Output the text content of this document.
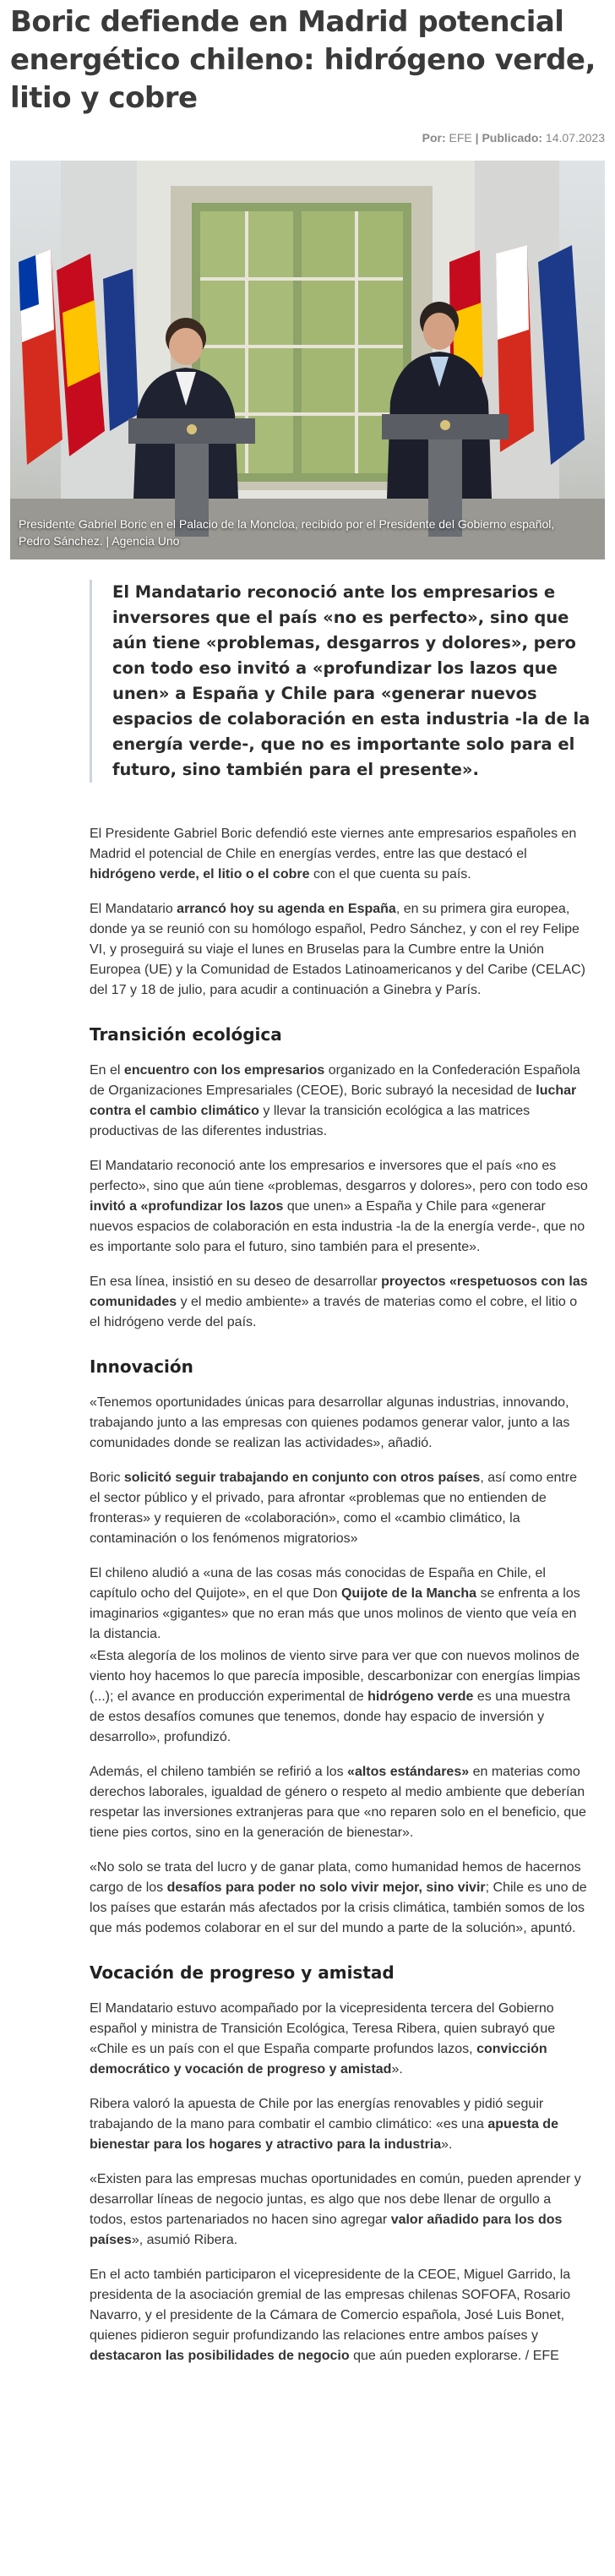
Boric defiende en Madrid potencial energético chileno: hidrógeno verde, litio y cobre
Por: EFE | Publicado: 14.07.2023
Presidente Gabriel Boric en el Palacio de la Moncloa, recibido por el Presidente del Gobierno español, Pedro Sánchez. | Agencia Uno
El Mandatario reconoció ante los empresarios e inversores que el país «no es perfecto», sino que aún tiene «problemas, desgarros y dolores», pero con todo eso invitó a «profundizar los lazos que unen» a España y Chile para «generar nuevos espacios de colaboración en esta industria -la de la energía verde-, que no es importante solo para el futuro, sino también para el presente».

El Presidente Gabriel Boric defendió este viernes ante empresarios españoles en Madrid el potencial de Chile en energías verdes, entre las que destacó el hidrógeno verde, el litio o el cobre con el que cuenta su país.

El Mandatario arrancó hoy su agenda en España, en su primera gira europea, donde ya se reunió con su homólogo español, Pedro Sánchez, y con el rey Felipe VI, y proseguirá su viaje el lunes en Bruselas para la Cumbre entre la Unión Europea (UE) y la Comunidad de Estados Latinoamericanos y del Caribe (CELAC) del 17 y 18 de julio, para acudir a continuación a Ginebra y París.

Transición ecológica

En el encuentro con los empresarios organizado en la Confederación Española de Organizaciones Empresariales (CEOE), Boric subrayó la necesidad de luchar contra el cambio climático y llevar la transición ecológica a las matrices productivas de las diferentes industrias.

El Mandatario reconoció ante los empresarios e inversores que el país «no es perfecto», sino que aún tiene «problemas, desgarros y dolores», pero con todo eso invitó a «profundizar los lazos que unen» a España y Chile para «generar nuevos espacios de colaboración en esta industria -la de la energía verde-, que no es importante solo para el futuro, sino también para el presente».

En esa línea, insistió en su deseo de desarrollar proyectos «respetuosos con las comunidades y el medio ambiente» a través de materias como el cobre, el litio o el hidrógeno verde del país.

Innovación

«Tenemos oportunidades únicas para desarrollar algunas industrias, innovando, trabajando junto a las empresas con quienes podamos generar valor, junto a las comunidades donde se realizan las actividades», añadió.

Boric solicitó seguir trabajando en conjunto con otros países, así como entre el sector público y el privado, para afrontar «problemas que no entienden de fronteras» y requieren de «colaboración», como el «cambio climático, la contaminación o los fenómenos migratorios»

El chileno aludió a «una de las cosas más conocidas de España en Chile, el capítulo ocho del Quijote», en el que Don Quijote de la Mancha se enfrenta a los imaginarios «gigantes» que no eran más que unos molinos de viento que veía en la distancia.

«Esta alegoría de los molinos de viento sirve para ver que con nuevos molinos de viento hoy hacemos lo que parecía imposible, descarbonizar con energías limpias (...); el avance en producción experimental de hidrógeno verde es una muestra de estos desafíos comunes que tenemos, donde hay espacio de inversión y desarrollo», profundizó.

Además, el chileno también se refirió a los «altos estándares» en materias como derechos laborales, igualdad de género o respeto al medio ambiente que deberían respetar las inversiones extranjeras para que «no reparen solo en el beneficio, que tiene pies cortos, sino en la generación de bienestar».

«No solo se trata del lucro y de ganar plata, como humanidad hemos de hacernos cargo de los desafíos para poder no solo vivir mejor, sino vivir; Chile es uno de los países que estarán más afectados por la crisis climática, también somos de los que más podemos colaborar en el sur del mundo a parte de la solución», apuntó.

Vocación de progreso y amistad

El Mandatario estuvo acompañado por la vicepresidenta tercera del Gobierno español y ministra de Transición Ecológica, Teresa Ribera, quien subrayó que «Chile es un país con el que España comparte profundos lazos, convicción democrático y vocación de progreso y amistad».

Ribera valoró la apuesta de Chile por las energías renovables y pidió seguir trabajando de la mano para combatir el cambio climático: «es una apuesta de bienestar para los hogares y atractivo para la industria».

«Existen para las empresas muchas oportunidades en común, pueden aprender y desarrollar líneas de negocio juntas, es algo que nos debe llenar de orgullo a todos, estos partenariados no hacen sino agregar valor añadido para los dos países», asumió Ribera.

En el acto también participaron el vicepresidente de la CEOE, Miguel Garrido, la presidenta de la asociación gremial de las empresas chilenas SOFOFA, Rosario Navarro, y el presidente de la Cámara de Comercio española, José Luis Bonet, quienes pidieron seguir profundizando las relaciones entre ambos países y destacaron las posibilidades de negocio que aún pueden explorarse. / EFE
